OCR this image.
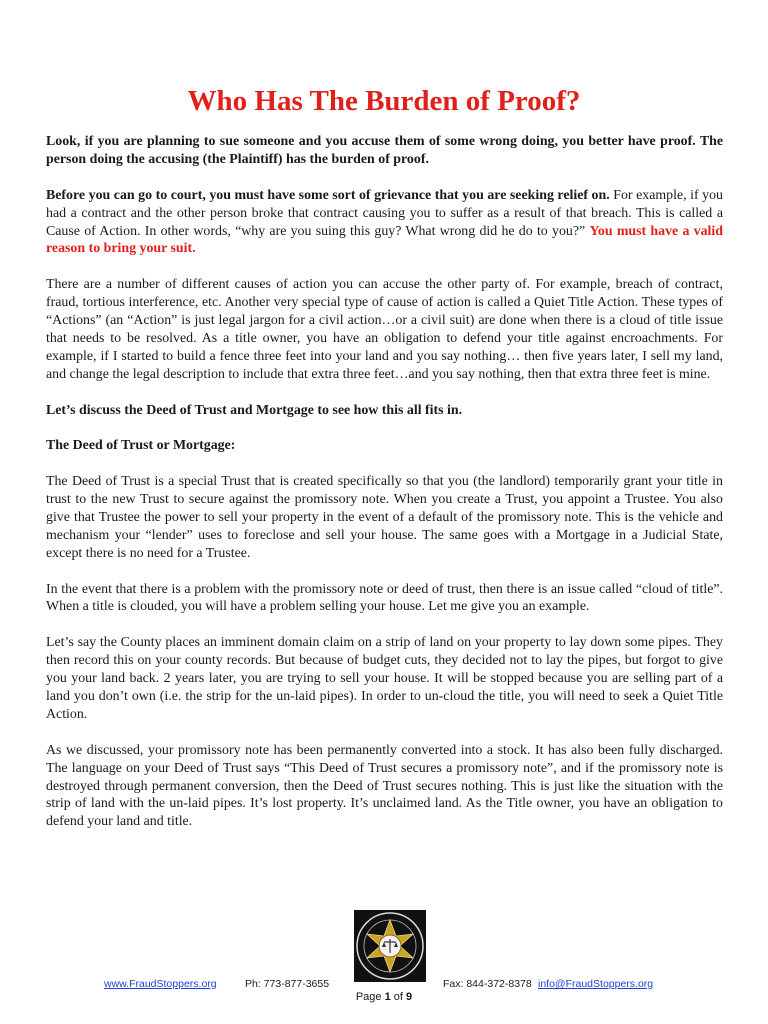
Who Has The Burden of Proof?

Look, if you are planning to sue someone and you accuse them of some wrong doing, you better have proof. The person doing the accusing (the Plaintiff) has the burden of proof.

Before you can go to court, you must have some sort of grievance that you are seeking relief on. For example, if you had a contract and the other person broke that contract causing you to suffer as a result of that breach. This is called a Cause of Action. In other words, “why are you suing this guy? What wrong did he do to you?” You must have a valid reason to bring your suit.

There are a number of different causes of action you can accuse the other party of. For example, breach of contract, fraud, tortious interference, etc. Another very special type of cause of action is called a Quiet Title Action. These types of “Actions” (an “Action” is just legal jargon for a civil action…or a civil suit) are done when there is a cloud of title issue that needs to be resolved. As a title owner, you have an obligation to defend your title against encroachments. For example, if I started to build a fence three feet into your land and you say nothing… then five years later, I sell my land, and change the legal description to include that extra three feet…and you say nothing, then that extra three feet is mine.

Let’s discuss the Deed of Trust and Mortgage to see how this all fits in.

The Deed of Trust or Mortgage:

The Deed of Trust is a special Trust that is created specifically so that you (the landlord) temporarily grant your title in trust to the new Trust to secure against the promissory note. When you create a Trust, you appoint a Trustee. You also give that Trustee the power to sell your property in the event of a default of the promissory note. This is the vehicle and mechanism your “lender” uses to foreclose and sell your house. The same goes with a Mortgage in a Judicial State, except there is no need for a Trustee.

In the event that there is a problem with the promissory note or deed of trust, then there is an issue called “cloud of title”. When a title is clouded, you will have a problem selling your house. Let me give you an example.

Let’s say the County places an imminent domain claim on a strip of land on your property to lay down some pipes. They then record this on your county records. But because of budget cuts, they decided not to lay the pipes, but forgot to give you your land back. 2 years later, you are trying to sell your house. It will be stopped because you are selling part of a land you don’t own (i.e. the strip for the un-laid pipes). In order to un-cloud the title, you will need to seek a Quiet Title Action.

As we discussed, your promissory note has been permanently converted into a stock. It has also been fully discharged. The language on your Deed of Trust says “This Deed of Trust secures a promissory note”, and if the promissory note is destroyed through permanent conversion, then the Deed of Trust secures nothing. This is just like the situation with the strip of land with the un-laid pipes. It’s lost property. It’s unclaimed land. As the Title owner, you have an obligation to defend your land and title.

www.FraudStoppers.org	Ph: 773-877-3655	Fax: 844-372-8378 info@FraudStoppers.org
Page 1 of 9
